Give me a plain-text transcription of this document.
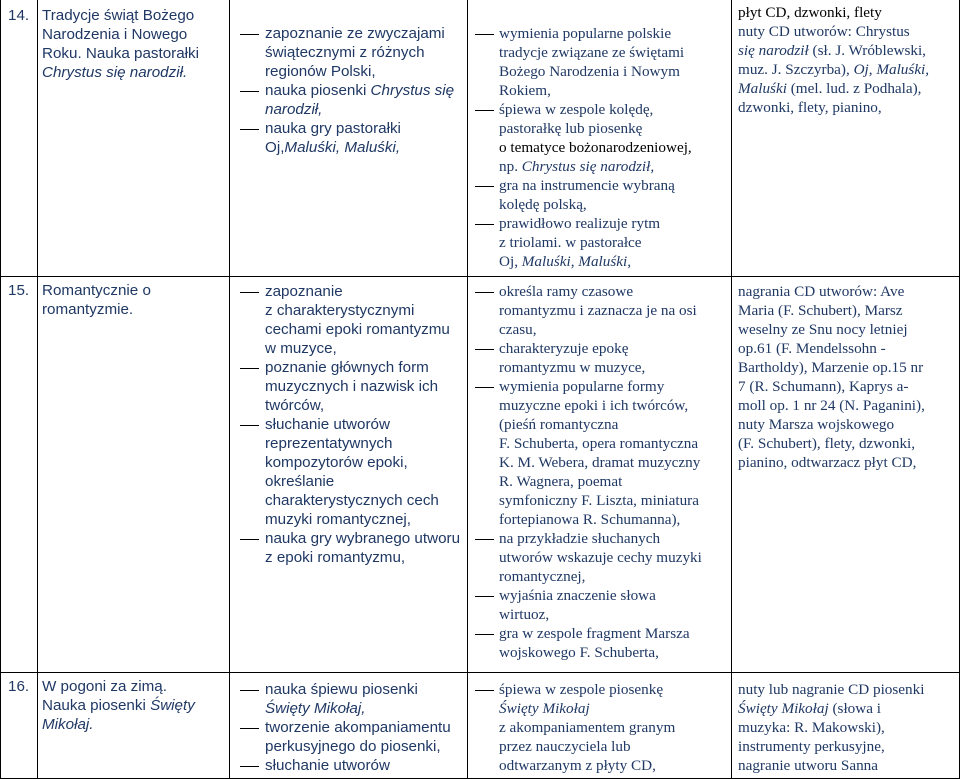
14. Tradycje świąt Bożego
Narodzenia i Nowego
Roku. Nauka pastorałki
Chrystus się narodził.
zapoznanie ze zwyczajami
świątecznymi z różnych
regionów Polski,
nauka piosenki Chrystus się
narodził,
nauka gry pastorałki
Oj,Maluśki, Maluśki,
wymienia popularne polskie
tradycje związane ze świętami
Bożego Narodzenia i Nowym
Rokiem,
śpiewa w zespole kolędę,
pastorałkę lub piosenkę
o tematyce bożonarodzeniowej,
np. Chrystus się narodził,
gra na instrumencie wybraną
kolędę polską,
prawidłowo realizuje rytm
z triolami. w pastorałce
Oj, Maluśki, Maluśki,
płyt CD, dzwonki, flety
nuty CD utworów: Chrystus
się narodził (sł. J. Wróblewski,
muz. J. Szczyrba), Oj, Maluśki,
Maluśki (mel. lud. z Podhala),
dzwonki, flety, pianino,
15. Romantycznie o
romantyzmie.
zapoznanie
z charakterystycznymi
cechami epoki romantyzmu
w muzyce,
poznanie głównych form
muzycznych i nazwisk ich
twórców,
słuchanie utworów
reprezentatywnych
kompozytorów epoki,
określanie
charakterystycznych cech
muzyki romantycznej,
nauka gry wybranego utworu
z epoki romantyzmu,
określa ramy czasowe
romantyzmu i zaznacza je na osi
czasu,
charakteryzuje epokę
romantyzmu w muzyce,
wymienia popularne formy
muzyczne epoki i ich twórców,
(pieśń romantyczna
F. Schuberta, opera romantyczna
K. M. Webera, dramat muzyczny
R. Wagnera, poemat
symfoniczny F. Liszta, miniatura
fortepianowa R. Schumanna),
na przykładzie słuchanych
utworów wskazuje cechy muzyki
romantycznej,
wyjaśnia znaczenie słowa
wirtuoz,
gra w zespole fragment Marsza
wojskowego F. Schuberta,
nagrania CD utworów: Ave
Maria (F. Schubert), Marsz
weselny ze Snu nocy letniej
op.61 (F. Mendelssohn -
Bartholdy), Marzenie op.15 nr
7 (R. Schumann), Kaprys a-
moll op. 1 nr 24 (N. Paganini),
nuty Marsza wojskowego
(F. Schubert), flety, dzwonki,
pianino, odtwarzacz płyt CD,
16. W pogoni za zimą.
Nauka piosenki Święty
Mikołaj.
nauka śpiewu piosenki
Święty Mikołaj,
tworzenie akompaniamentu
perkusyjnego do piosenki,
słuchanie utworów
śpiewa w zespole piosenkę
Święty Mikołaj
z akompaniamentem granym
przez nauczyciela lub
odtwarzanym z płyty CD,
nuty lub nagranie CD piosenki
Święty Mikołaj (słowa i
muzyka: R. Makowski),
instrumenty perkusyjne,
nagranie utworu Sanna
